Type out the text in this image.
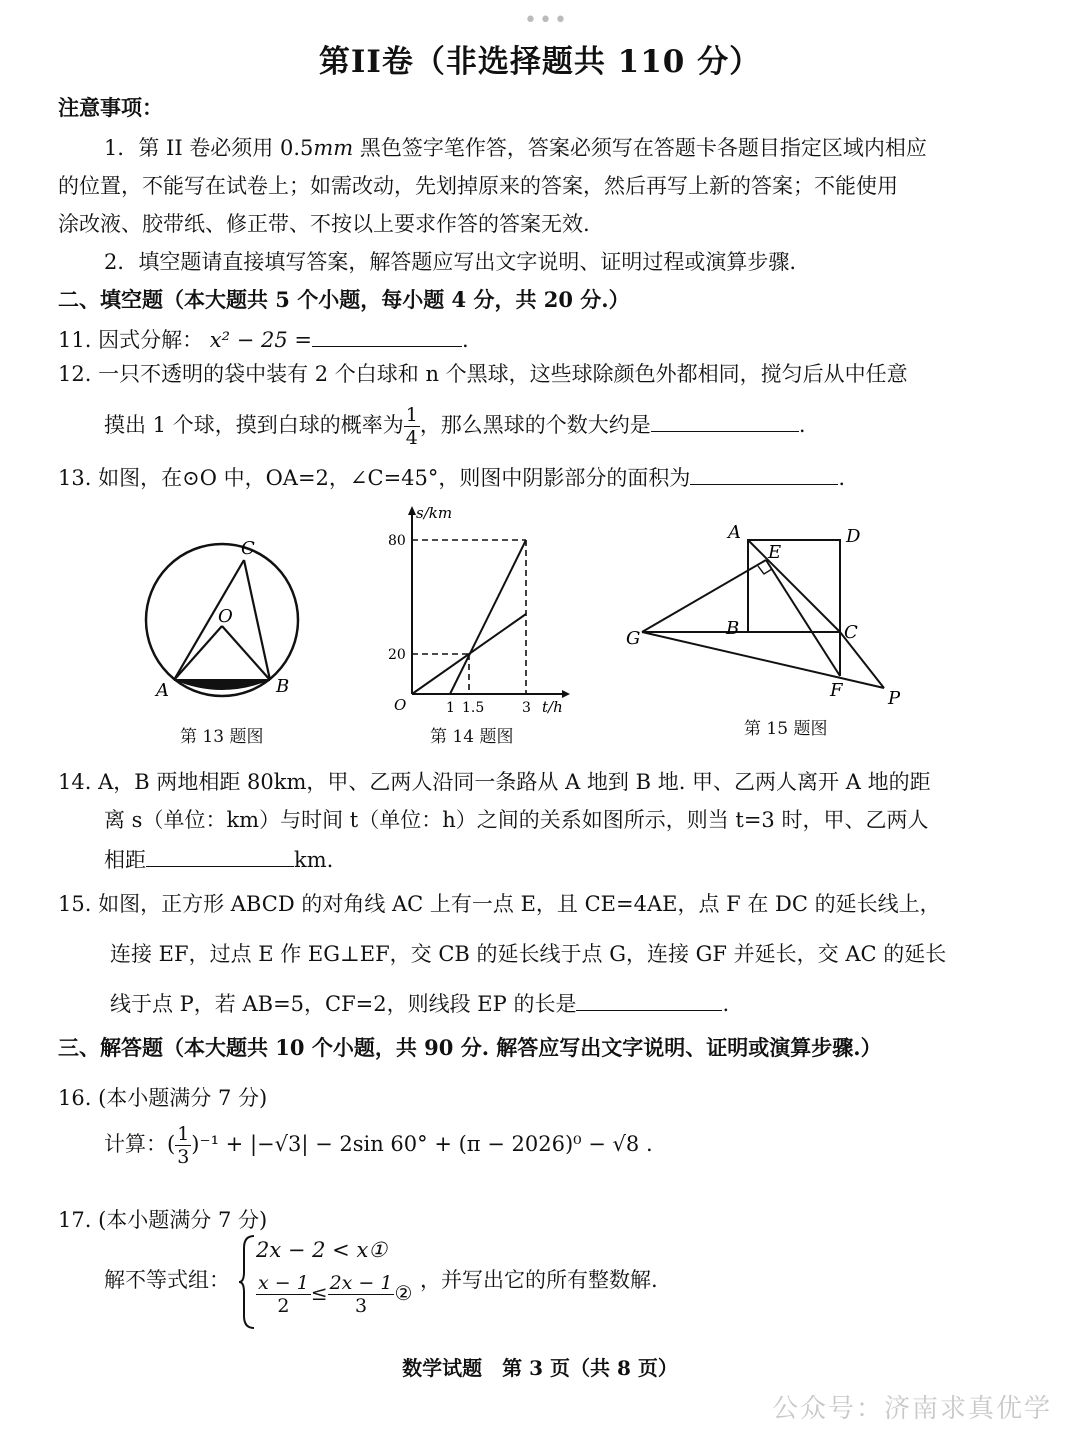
•••
第II卷（非选择题共 110 分）
注意事项：
1．第 II 卷必须用 0.5mm 黑色签字笔作答，答案必须写在答题卡各题目指定区域内相应
的位置，不能写在试卷上；如需改动，先划掉原来的答案，然后再写上新的答案；不能使用
涂改液、胶带纸、修正带、不按以上要求作答的答案无效.
2．填空题请直接填写答案，解答题应写出文字说明、证明过程或演算步骤.
二、填空题（本大题共 5 个小题，每小题 4 分，共 20 分.）
11. 因式分解： x² − 25 =	.
12. 一只不透明的袋中装有 2 个白球和 n 个黑球，这些球除颜色外都相同，搅匀后从中任意
摸出 1 个球，摸到白球的概率为 $\frac{1}{4}$ ，那么黑球的个数大约是	.
13. 如图，在⊙O 中，OA=2，∠C=45°，则图中阴影部分的面积为	.
C
O
A	B
第 13 题图
s/km
t/h
O
80
20
1 1.5	3
第 14 题图
A
E
D
B	C
G
F	P
第 15 题图
14. A，B 两地相距 80km，甲、乙两人沿同一条路从 A 地到 B 地. 甲、乙两人离开 A 地的距
离 s（单位：km）与时间 t（单位：h）之间的关系如图所示，则当 t=3 时，甲、乙两人
相距	km.
15. 如图，正方形 ABCD 的对角线 AC 上有一点 E，且 CE=4AE，点 F 在 DC 的延长线上，
连接 EF，过点 E 作 EG⊥EF，交 CB 的延长线于点 G，连接 GF 并延长，交 AC 的延长
线于点 P，若 AB=5，CF=2，则线段 EP 的长是	.
三、解答题（本大题共 10 个小题，共 90 分. 解答应写出文字说明、证明或演算步骤.）
16. (本小题满分 7 分)
计算：( $\frac{1}{3} )^{-1} + |-√3| - 2\sin$ 60° + (π − 2026)⁰ − √8 .
17. (本小题满分 7 分)
解不等式组：
2x − 2 < x①
$\frac{x - 1}{2} \le \frac{2x - 1}{3}$ ②
，并写出它的所有整数解.
数学试题　第 3 页（共 8 页）
公众号：济南求真优学
